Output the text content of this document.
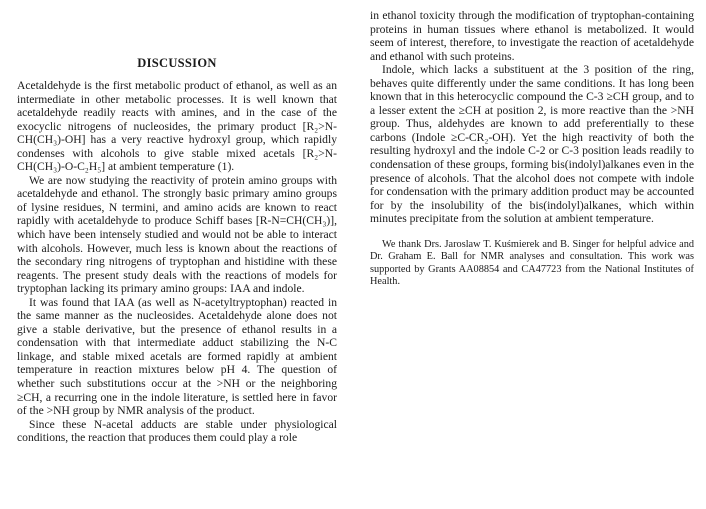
DISCUSSION

Acetaldehyde is the first metabolic product of ethanol, as well as an intermediate in other metabolic processes. It is well known that acetaldehyde readily reacts with amines, and in the case of the exocyclic nitrogens of nucleosides, the primary product [R₂>N-CH(CH₃)-OH] has a very reactive hydroxyl group, which rapidly condenses with alcohols to give stable mixed acetals [R₂>N-CH(CH₃)-O-C₂H₅] at ambient temperature (1).

We are now studying the reactivity of protein amino groups with acetaldehyde and ethanol. The strongly basic primary amino groups of lysine residues, N termini, and amino acids are known to react rapidly with acetaldehyde to produce Schiff bases [R-N=CH(CH₃)], which have been intensely studied and would not be able to interact with alcohols. However, much less is known about the reactions of the secondary ring nitrogens of tryptophan and histidine with these reagents. The present study deals with the reactions of models for tryptophan lacking its primary amino groups: IAA and indole.

It was found that IAA (as well as N-acetyltryptophan) reacted in the same manner as the nucleosides. Acetaldehyde alone does not give a stable derivative, but the presence of ethanol results in a condensation with that intermediate adduct stabilizing the N-C linkage, and stable mixed acetals are formed rapidly at ambient temperature in reaction mixtures below pH 4. The question of whether such substitutions occur at the >NH or the neighboring ≥CH, a recurring one in the indole literature, is settled here in favor of the >NH group by NMR analysis of the product.

Since these N-acetal adducts are stable under physiological conditions, the reaction that produces them could play a role

in ethanol toxicity through the modification of tryptophan-containing proteins in human tissues where ethanol is metabolized. It would seem of interest, therefore, to investigate the reaction of acetaldehyde and ethanol with such proteins.

Indole, which lacks a substituent at the 3 position of the ring, behaves quite differently under the same conditions. It has long been known that in this heterocyclic compound the C-3 ≥CH group, and to a lesser extent the ≥CH at position 2, is more reactive than the >NH group. Thus, aldehydes are known to add preferentially to these carbons (Indole ≥C-CR₂-OH). Yet the high reactivity of both the resulting hydroxyl and the indole C-2 or C-3 position leads readily to condensation of these groups, forming bis(indolyl)alkanes even in the presence of alcohols. That the alcohol does not compete with indole for condensation with the primary addition product may be accounted for by the insolubility of the bis(indolyl)alkanes, which within minutes precipitate from the solution at ambient temperature.

We thank Drs. Jaroslaw T. Kuśmierek and B. Singer for helpful advice and Dr. Graham E. Ball for NMR analyses and consultation. This work was supported by Grants AA08854 and CA47723 from the National Institutes of Health.
